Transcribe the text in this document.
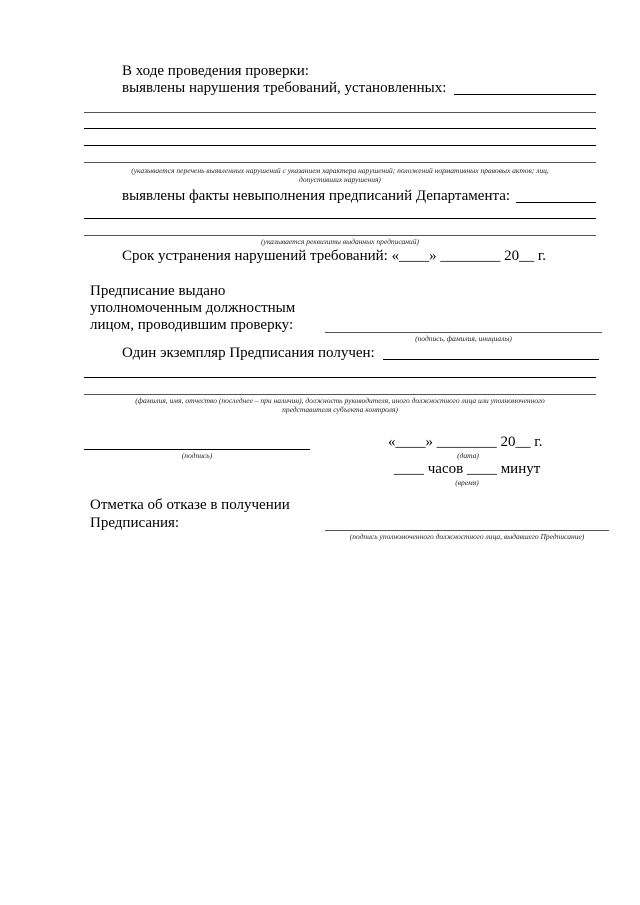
В ходе проведения проверки:
выявлены нарушения требований, установленных:
(указывается перечень выявленных нарушений с указанием характера нарушений; положений нормативных правовых актов; лиц,
допустивших нарушения)
выявлены факты невыполнения предписаний Департамента:
(указывается реквизиты выданных предписаний)
Срок устранения нарушений требований: «____» ________ 20__ г.
Предписание выдано
уполномоченным должностным
лицом, проводившим проверку:
(подпись, фамилия, инициалы)
Один экземпляр Предписания получен:
(фамилия, имя, отчество (последнее – при наличии), должность руководителя, иного должностного лица или уполномоченного
представителя субъекта контроля)
(подпись)
«____» ________ 20__ г.
(дата)
____ часов ____ минут
(время)
Отметка об отказе в получении
Предписания:
(подпись уполномоченного должностного лица, выдавшего Предписание)
